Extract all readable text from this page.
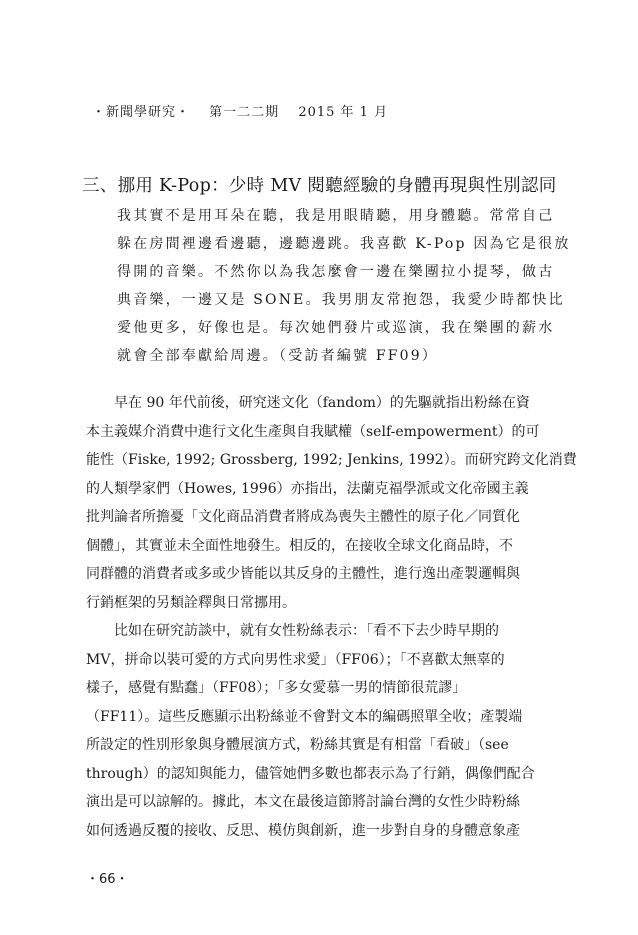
・新聞學研究・ 第一二二期 2015 年 1 月
三、挪用 K-Pop：少時 MV 閱聽經驗的身體再現與性別認同

我其實不是用耳朵在聽，我是用眼睛聽，用身體聽。常常自己

躲在房間裡邊看邊聽，邊聽邊跳。我喜歡 K-Pop 因為它是很放

得開的音樂。不然你以為我怎麼會一邊在樂團拉小提琴，做古

典音樂，一邊又是 SONE。我男朋友常抱怨，我愛少時都快比

愛他更多，好像也是。每次她們發片或巡演，我在樂團的薪水

就會全部奉獻給周邊。（受訪者編號 FF09）

　　早在 90 年代前後，研究迷文化（fandom）的先驅就指出粉絲在資

本主義媒介消費中進行文化生產與自我賦權（self-empowerment）的可

能性（Fiske, 1992; Grossberg, 1992; Jenkins, 1992）。而研究跨文化消費

的人類學家們（Howes, 1996）亦指出，法蘭克福學派或文化帝國主義

批判論者所擔憂「文化商品消費者將成為喪失主體性的原子化／同質化

個體」，其實並未全面性地發生。相反的，在接收全球文化商品時，不

同群體的消費者或多或少皆能以其反身的主體性，進行逸出產製邏輯與

行銷框架的另類詮釋與日常挪用。

　　比如在研究訪談中，就有女性粉絲表示：「看不下去少時早期的

MV，拼命以裝可愛的方式向男性求愛」（FF06）；「不喜歡太無辜的

樣子，感覺有點蠢」（FF08）；「多女愛慕一男的情節很荒謬」

（FF11）。這些反應顯示出粉絲並不會對文本的編碼照單全收；產製端

所設定的性別形象與身體展演方式，粉絲其實是有相當「看破」（see

through）的認知與能力，儘管她們多數也都表示為了行銷，偶像們配合

演出是可以諒解的。據此，本文在最後這節將討論台灣的女性少時粉絲

如何透過反覆的接收、反思、模仿與創新，進一步對自身的身體意象產

・66・
